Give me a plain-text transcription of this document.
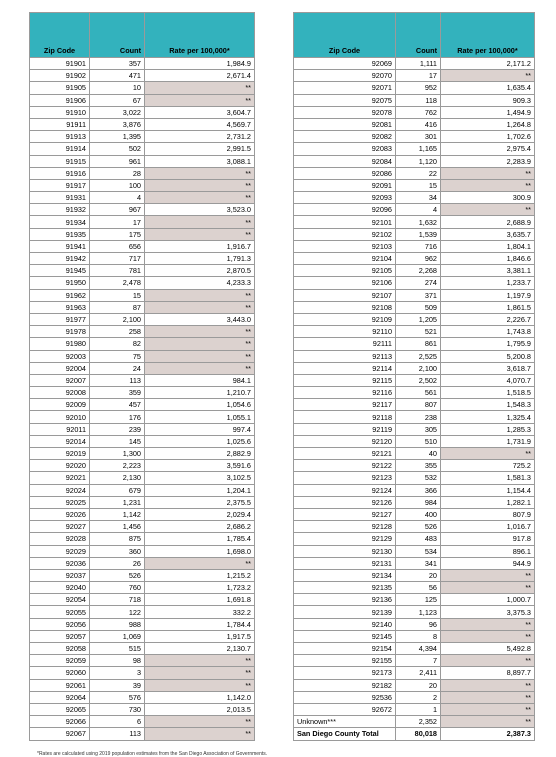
Zip Code	Count	Rate per 100,000*
91901	357	1,984.9
91902	471	2,671.4
91905	10	**
91906	67	**
91910	3,022	3,604.7
91911	3,876	4,569.7
91913	1,395	2,731.2
91914	502	2,991.5
91915	961	3,088.1
91916	28	**
91917	100	**
91931	4	**
91932	967	3,523.0
91934	17	**
91935	175	**
91941	656	1,916.7
91942	717	1,791.3
91945	781	2,870.5
91950	2,478	4,233.3
91962	15	**
91963	87	**
91977	2,100	3,443.0
91978	258	**
91980	82	**
92003	75	**
92004	24	**
92007	113	984.1
92008	359	1,210.7
92009	457	1,054.6
92010	176	1,055.1
92011	239	997.4
92014	145	1,025.6
92019	1,300	2,882.9
92020	2,223	3,591.6
92021	2,130	3,102.5
92024	679	1,204.1
92025	1,231	2,375.5
92026	1,142	2,029.4
92027	1,456	2,686.2
92028	875	1,785.4
92029	360	1,698.0
92036	26	**
92037	526	1,215.2
92040	760	1,723.2
92054	718	1,691.8
92055	122	332.2
92056	988	1,784.4
92057	1,069	1,917.5
92058	515	2,130.7
92059	98	**
92060	3	**
92061	39	**
92064	576	1,142.0
92065	730	2,013.5
92066	6	**
92067	113	**
Zip Code	Count	Rate per 100,000*
92069	1,111	2,171.2
92070	17	**
92071	952	1,635.4
92075	118	909.3
92078	762	1,494.9
92081	416	1,264.8
92082	301	1,702.6
92083	1,165	2,975.4
92084	1,120	2,283.9
92086	22	**
92091	15	**
92093	34	300.9
92096	4	**
92101	1,632	2,688.9
92102	1,539	3,635.7
92103	716	1,804.1
92104	962	1,846.6
92105	2,268	3,381.1
92106	274	1,233.7
92107	371	1,197.9
92108	509	1,861.5
92109	1,205	2,226.7
92110	521	1,743.8
92111	861	1,795.9
92113	2,525	5,200.8
92114	2,100	3,618.7
92115	2,502	4,070.7
92116	561	1,518.5
92117	807	1,548.3
92118	238	1,325.4
92119	305	1,285.3
92120	510	1,731.9
92121	40	**
92122	355	725.2
92123	532	1,581.3
92124	366	1,154.4
92126	984	1,282.1
92127	400	807.9
92128	526	1,016.7
92129	483	917.8
92130	534	896.1
92131	341	944.9
92134	20	**
92135	56	**
92136	125	1,000.7
92139	1,123	3,375.3
92140	96	**
92145	8	**
92154	4,394	5,492.8
92155	7	**
92173	2,411	8,897.7
92182	20	**
92536	2	**
92672	1	**
Unknown***	2,352	**
San Diego County Total	80,018	2,387.3
*Rates are calculated using 2019 population estimates from the San Diego Association of Governments.
